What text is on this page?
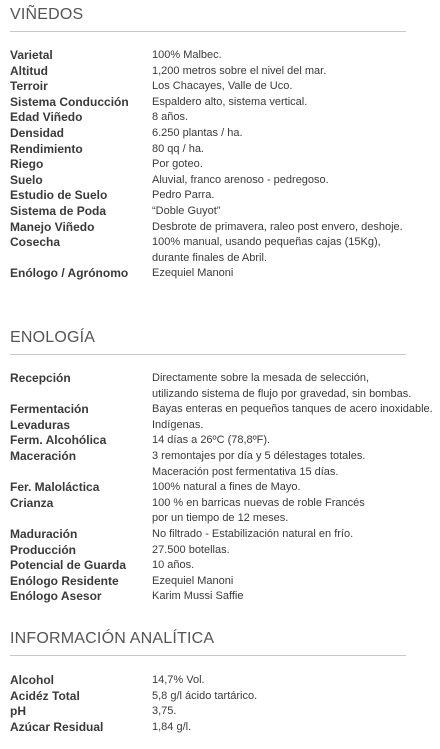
VIÑEDOS
Varietal	100% Malbec.
Altitud	1,200 metros sobre el nivel del mar.
Terroir	Los Chacayes, Valle de Uco.
Sistema Conducción	Espaldero alto, sistema vertical.
Edad Viñedo	8 años.
Densidad	6.250 plantas / ha.
Rendimiento	80 qq / ha.
Riego	Por goteo.
Suelo	Aluvial, franco arenoso - pedregoso.
Estudio de Suelo	Pedro Parra.
Sistema de Poda	“Doble Guyot”
Manejo Viñedo	Desbrote de primavera, raleo post envero, deshoje.
Cosecha	100% manual, usando pequeñas cajas (15Kg),
durante finales de Abril.
Enólogo / Agrónomo	Ezequiel Manoni
ENOLOGÍA
Recepción	Directamente sobre la mesada de selección,
utilizando sistema de flujo por gravedad, sin bombas.
Fermentación	Bayas enteras en pequeños tanques de acero inoxidable.
Levaduras	Indígenas.
Ferm. Alcohólica	14 días a 26ºC (78,8ºF).
Maceración	3 remontajes por día y 5 délestages totales.
Maceración post fermentativa 15 días.
Fer. Maloláctica	100% natural a fines de Mayo.
Crianza	100 % en barricas nuevas de roble Francés
por un tiempo de 12 meses.
Maduración	No filtrado - Estabilización natural en frío.
Producción	27.500 botellas.
Potencial de Guarda	10 años.
Enólogo Residente	Ezequiel Manoni
Enólogo Asesor	Karim Mussi Saffie
INFORMACIÓN ANALÍTICA
Alcohol	14,7% Vol.
Acidéz Total	5,8 g/l ácido tartárico.
pH	3,75.
Azúcar Residual	1,84 g/l.
